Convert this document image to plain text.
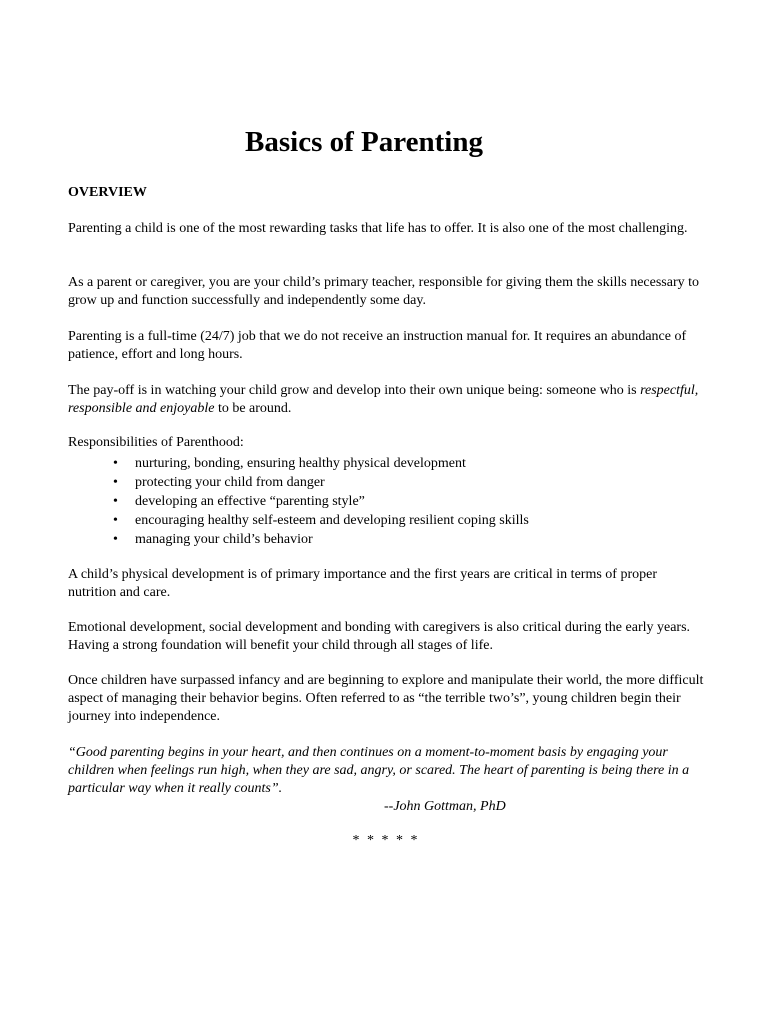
Basics of Parenting
OVERVIEW

Parenting a child is one of the most rewarding tasks that life has to offer. It is also one of the most challenging.

As a parent or caregiver, you are your child’s primary teacher, responsible for giving them the skills necessary to grow up and function successfully and independently some day.

Parenting is a full-time (24/7) job that we do not receive an instruction manual for. It requires an abundance of patience, effort and long hours.

The pay-off is in watching your child grow and develop into their own unique being: someone who is respectful, responsible and enjoyable to be around.

Responsibilities of Parenthood:

• nurturing, bonding, ensuring healthy physical development
• protecting your child from danger
• developing an effective “parenting style”
• encouraging healthy self-esteem and developing resilient coping skills
• managing your child’s behavior

A child’s physical development is of primary importance and the first years are critical in terms of proper nutrition and care.

Emotional development, social development and bonding with caregivers is also critical during the early years. Having a strong foundation will benefit your child through all stages of life.

Once children have surpassed infancy and are beginning to explore and manipulate their world, the more difficult aspect of managing their behavior begins. Often referred to as “the terrible two’s”, young children begin their journey into independence.

“Good parenting begins in your heart, and then continues on a moment-to-moment basis by engaging your children when feelings run high, when they are sad, angry, or scared. The heart of parenting is being there in a particular way when it really counts”.

--John Gottman, PhD

* * * * *
